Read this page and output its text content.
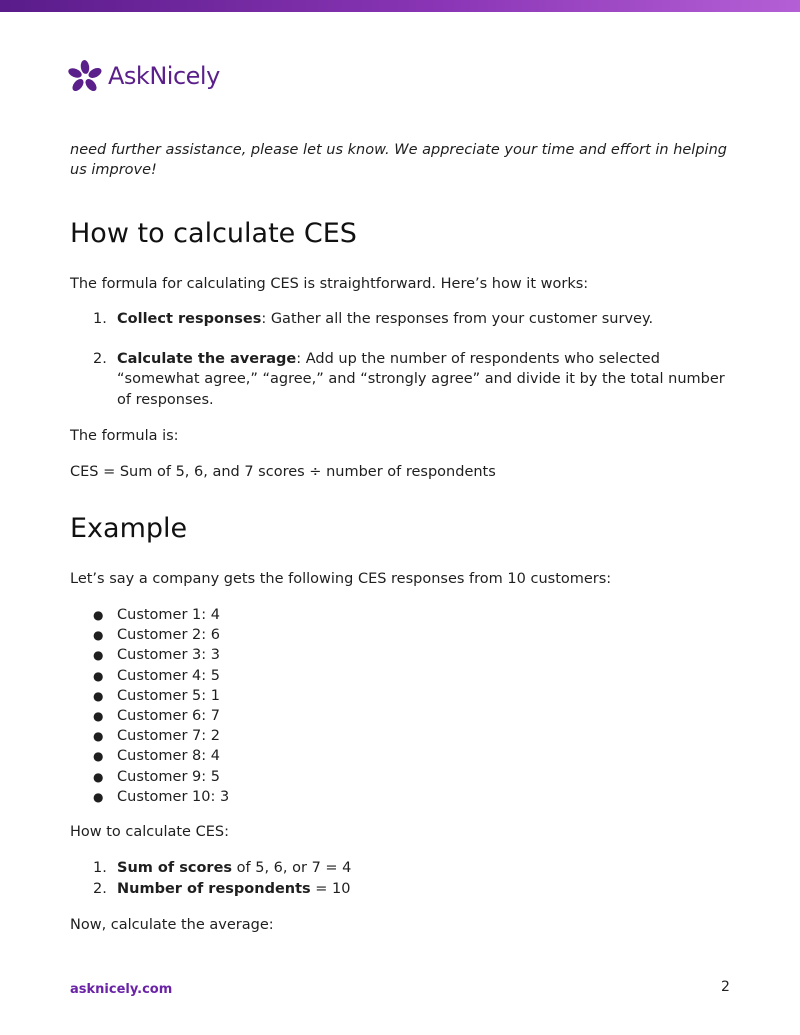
AskNicely

need further assistance, please let us know. We appreciate your time and effort in helping us improve!

How to calculate CES

The formula for calculating CES is straightforward. Here’s how it works:

1. Collect responses: Gather all the responses from your customer survey.
2. Calculate the average: Add up the number of respondents who selected “somewhat agree,” “agree,” and “strongly agree” and divide it by the total number of responses.

The formula is:

CES = Sum of 5, 6, and 7 scores ÷ number of respondents

Example

Let’s say a company gets the following CES responses from 10 customers:

● Customer 1: 4
● Customer 2: 6
● Customer 3: 3
● Customer 4: 5
● Customer 5: 1
● Customer 6: 7
● Customer 7: 2
● Customer 8: 4
● Customer 9: 5
● Customer 10: 3

How to calculate CES:

1. Sum of scores of 5, 6, or 7 = 4
2. Number of respondents = 10

Now, calculate the average:

asknicely.com	2
